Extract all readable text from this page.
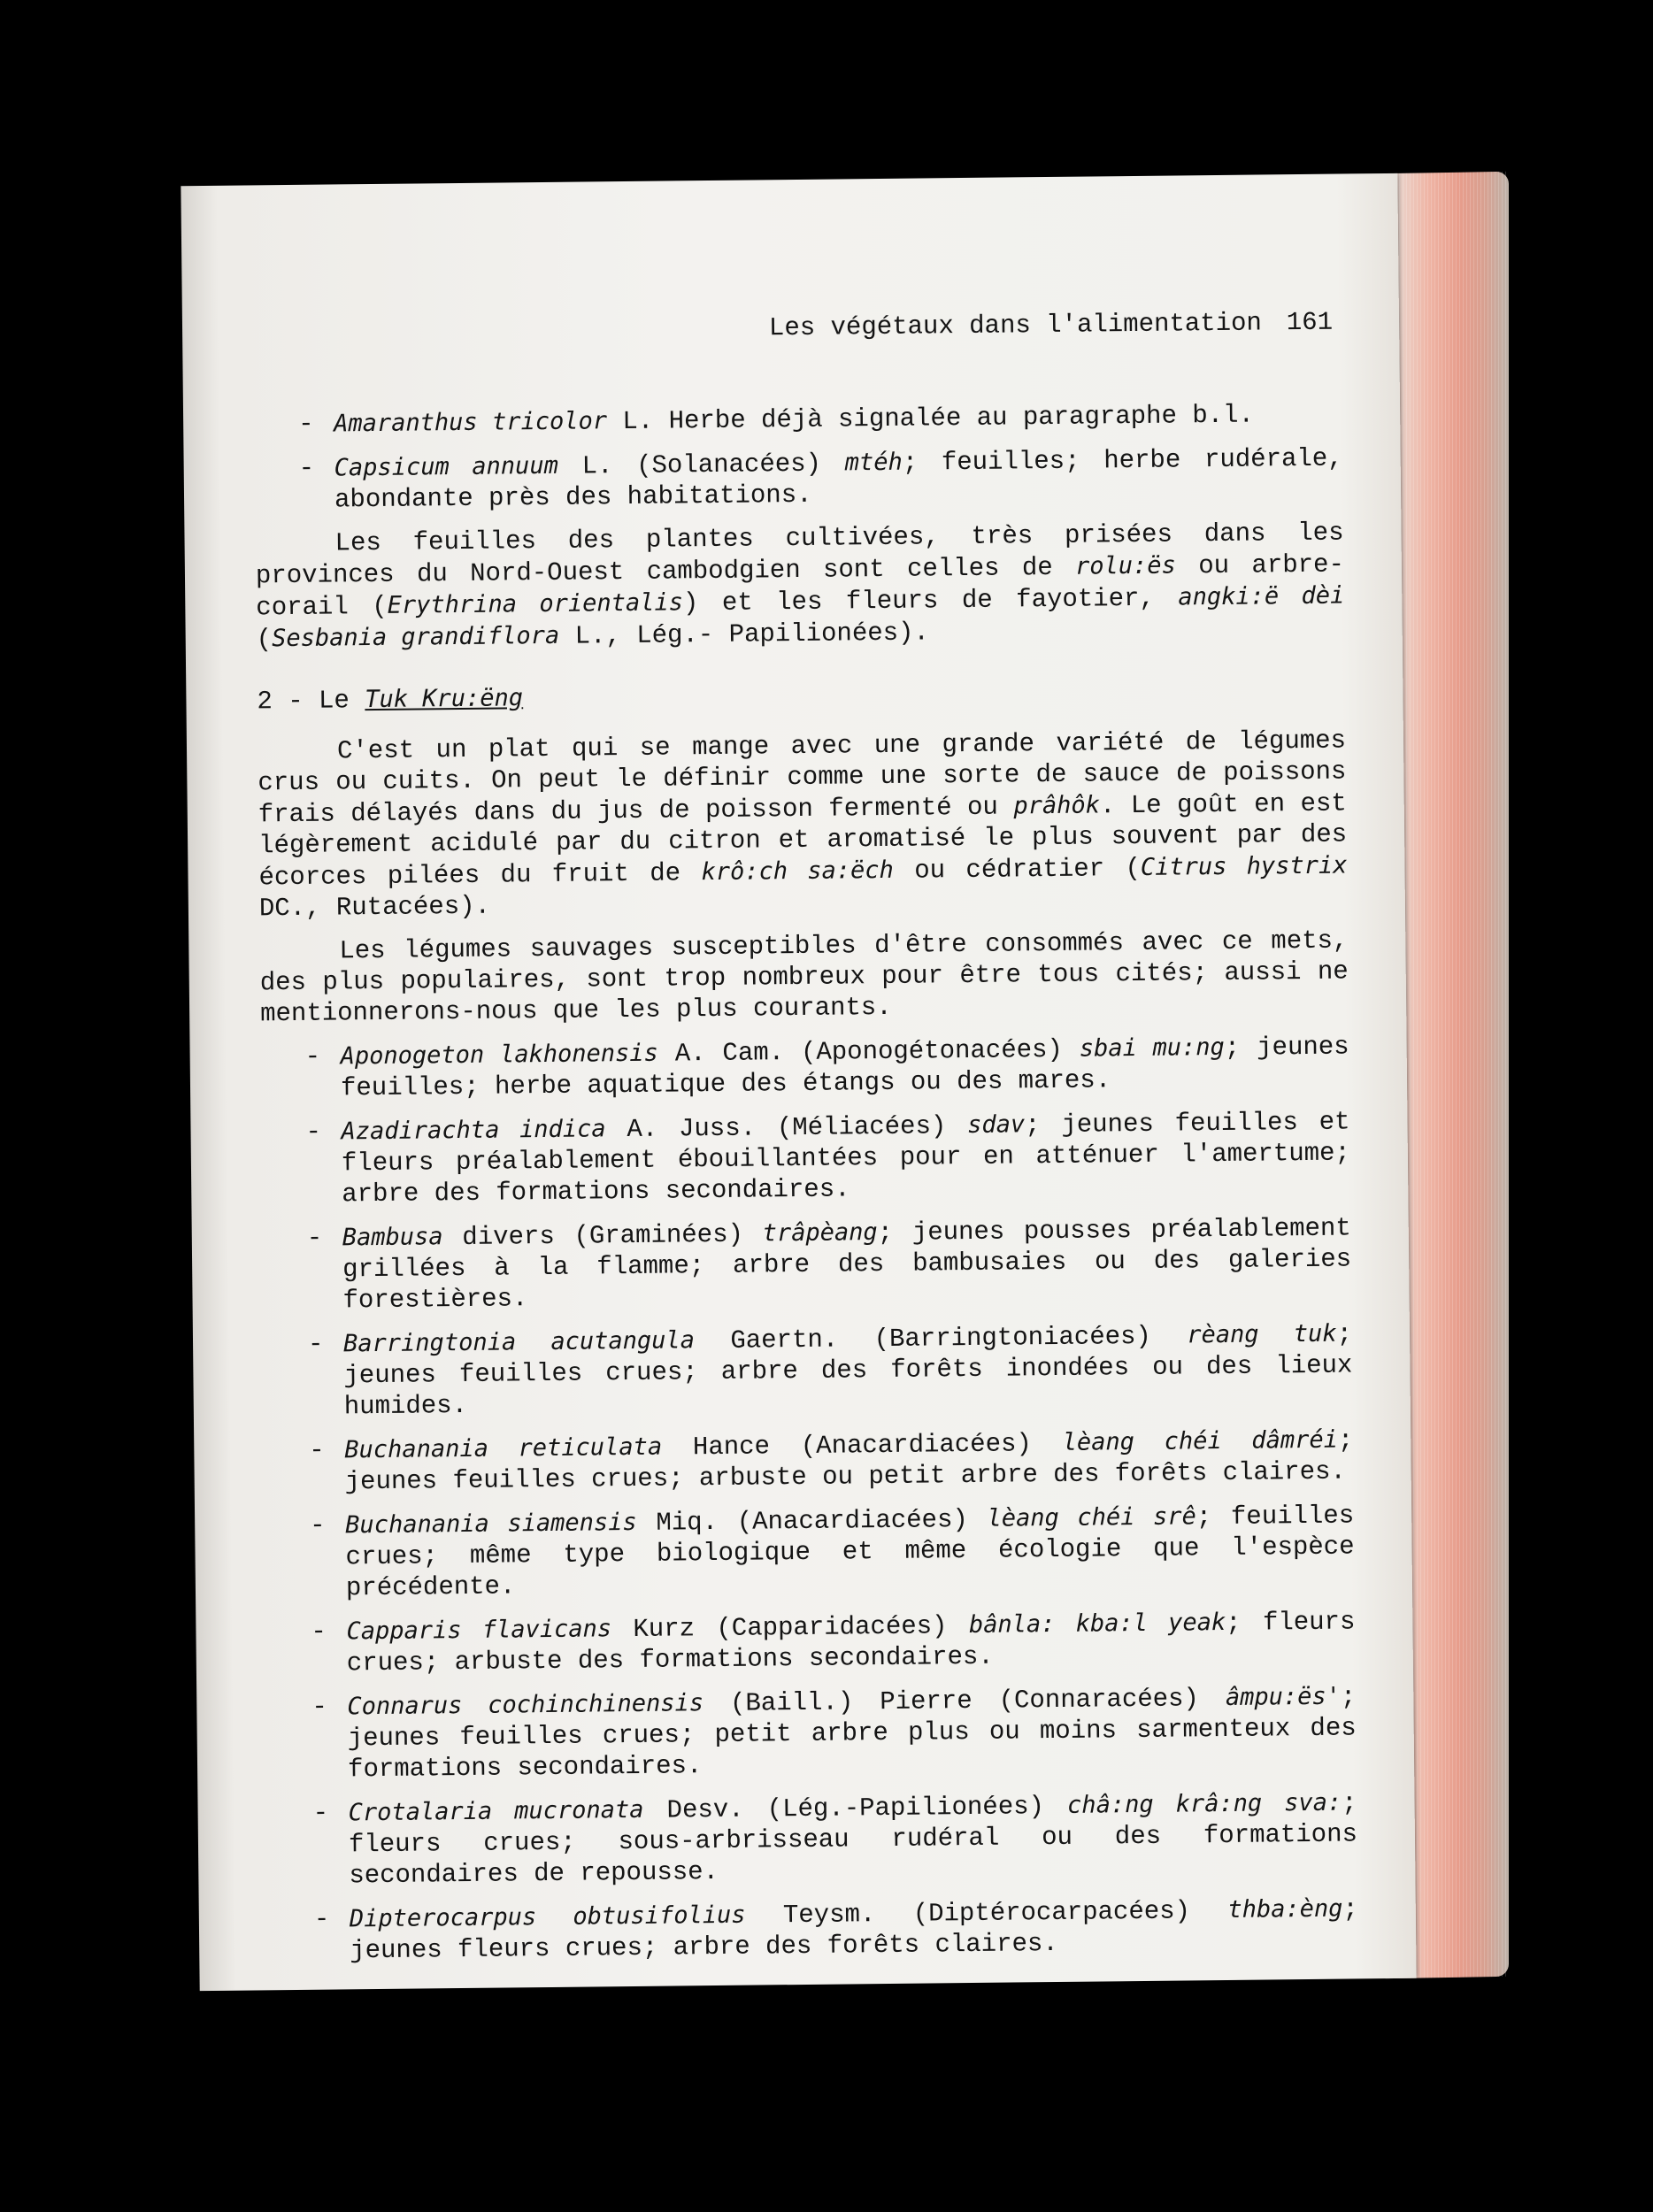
Les végétaux dans l'alimentation 161
- Amaranthus tricolor L. Herbe déjà signalée au paragraphe b.l.
- Capsicum annuum L. (Solanacées) mtéh; feuilles; herbe rudérale, abondante près des habitations.

Les feuilles des plantes cultivées, très prisées dans les provinces du Nord-Ouest cambodgien sont celles de rolu:ës ou arbre-corail (Erythrina orientalis) et les fleurs de fayotier, angki:ë dèi (Sesbania grandiflora L., Lég.- Papilionées).

2 - Le Tuk Kru:ëng

C'est un plat qui se mange avec une grande variété de légumes crus ou cuits. On peut le définir comme une sorte de sauce de poissons frais délayés dans du jus de poisson fermenté ou prâhôk. Le goût en est légèrement acidulé par du citron et aromatisé le plus souvent par des écorces pilées du fruit de krô:ch sa:ëch ou cédratier (Citrus hystrix DC., Rutacées).

Les légumes sauvages susceptibles d'être consommés avec ce mets, des plus populaires, sont trop nombreux pour être tous cités; aussi ne mentionnerons-nous que les plus courants.

- Aponogeton lakhonensis A. Cam. (Aponogétonacées) sbai mu:ng; jeunes feuilles; herbe aquatique des étangs ou des mares.
- Azadirachta indica A. Juss. (Méliacées) sdav; jeunes feuilles et fleurs préalablement ébouillantées pour en atténuer l'amertume; arbre des formations secondaires.
- Bambusa divers (Graminées) trâpèang; jeunes pousses préalablement grillées à la flamme; arbre des bambusaies ou des galeries forestières.
- Barringtonia acutangula Gaertn. (Barringtoniacées) rèang tuk; jeunes feuilles crues; arbre des forêts inondées ou des lieux humides.
- Buchanania reticulata Hance (Anacardiacées) lèang chéi dâmréi; jeunes feuilles crues; arbuste ou petit arbre des forêts claires.
- Buchanania siamensis Miq. (Anacardiacées) lèang chéi srê; feuilles crues; même type biologique et même écologie que l'espèce précédente.
- Capparis flavicans Kurz (Capparidacées) bânla: kba:l yeak; fleurs crues; arbuste des formations secondaires.
- Connarus cochinchinensis (Baill.) Pierre (Connaracées) âmpu:ës'; jeunes feuilles crues; petit arbre plus ou moins sarmenteux des formations secondaires.
- Crotalaria mucronata Desv. (Lég.-Papilionées) châ:ng krâ:ng sva:; fleurs crues; sous-arbrisseau rudéral ou des formations secondaires de repousse.
- Dipterocarpus obtusifolius Teysm. (Diptérocarpacées) thba:èng; jeunes fleurs crues; arbre des forêts claires.
